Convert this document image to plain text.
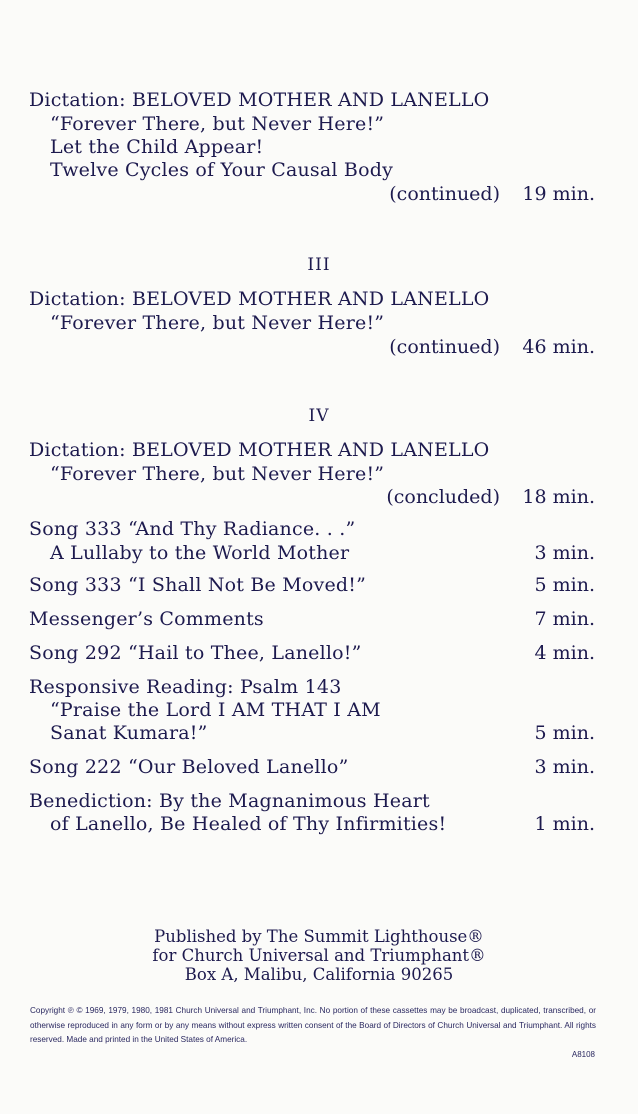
Dictation: BELOVED MOTHER AND LANELLO
“Forever There, but Never Here!”
Let the Child Appear!
Twelve Cycles of Your Causal Body
(continued) 19 min.
III
Dictation: BELOVED MOTHER AND LANELLO
“Forever There, but Never Here!”
(continued) 46 min.
IV
Dictation: BELOVED MOTHER AND LANELLO
“Forever There, but Never Here!”
(concluded) 18 min.
Song 333 “And Thy Radiance. . .”
A Lullaby to the World Mother	3 min.
Song 333 “I Shall Not Be Moved!”	5 min.
Messenger’s Comments	7 min.
Song 292 “Hail to Thee, Lanello!”	4 min.
Responsive Reading: Psalm 143
“Praise the Lord I AM THAT I AM
Sanat Kumara!”	5 min.
Song 222 “Our Beloved Lanello”	3 min.
Benediction: By the Magnanimous Heart
of Lanello, Be Healed of Thy Infirmities!	1 min.
Published by The Summit Lighthouse®
for Church Universal and Triumphant®
Box A, Malibu, California 90265
Copyright ℗ © 1969, 1979, 1980, 1981 Church Universal and Triumphant, Inc. No portion of these cassettes may be broadcast, duplicated, transcribed, or otherwise reproduced in any form or by any means without express written consent of the Board of Directors of Church Universal and Triumphant. All rights reserved. Made and printed in the United States of America.
A8108
